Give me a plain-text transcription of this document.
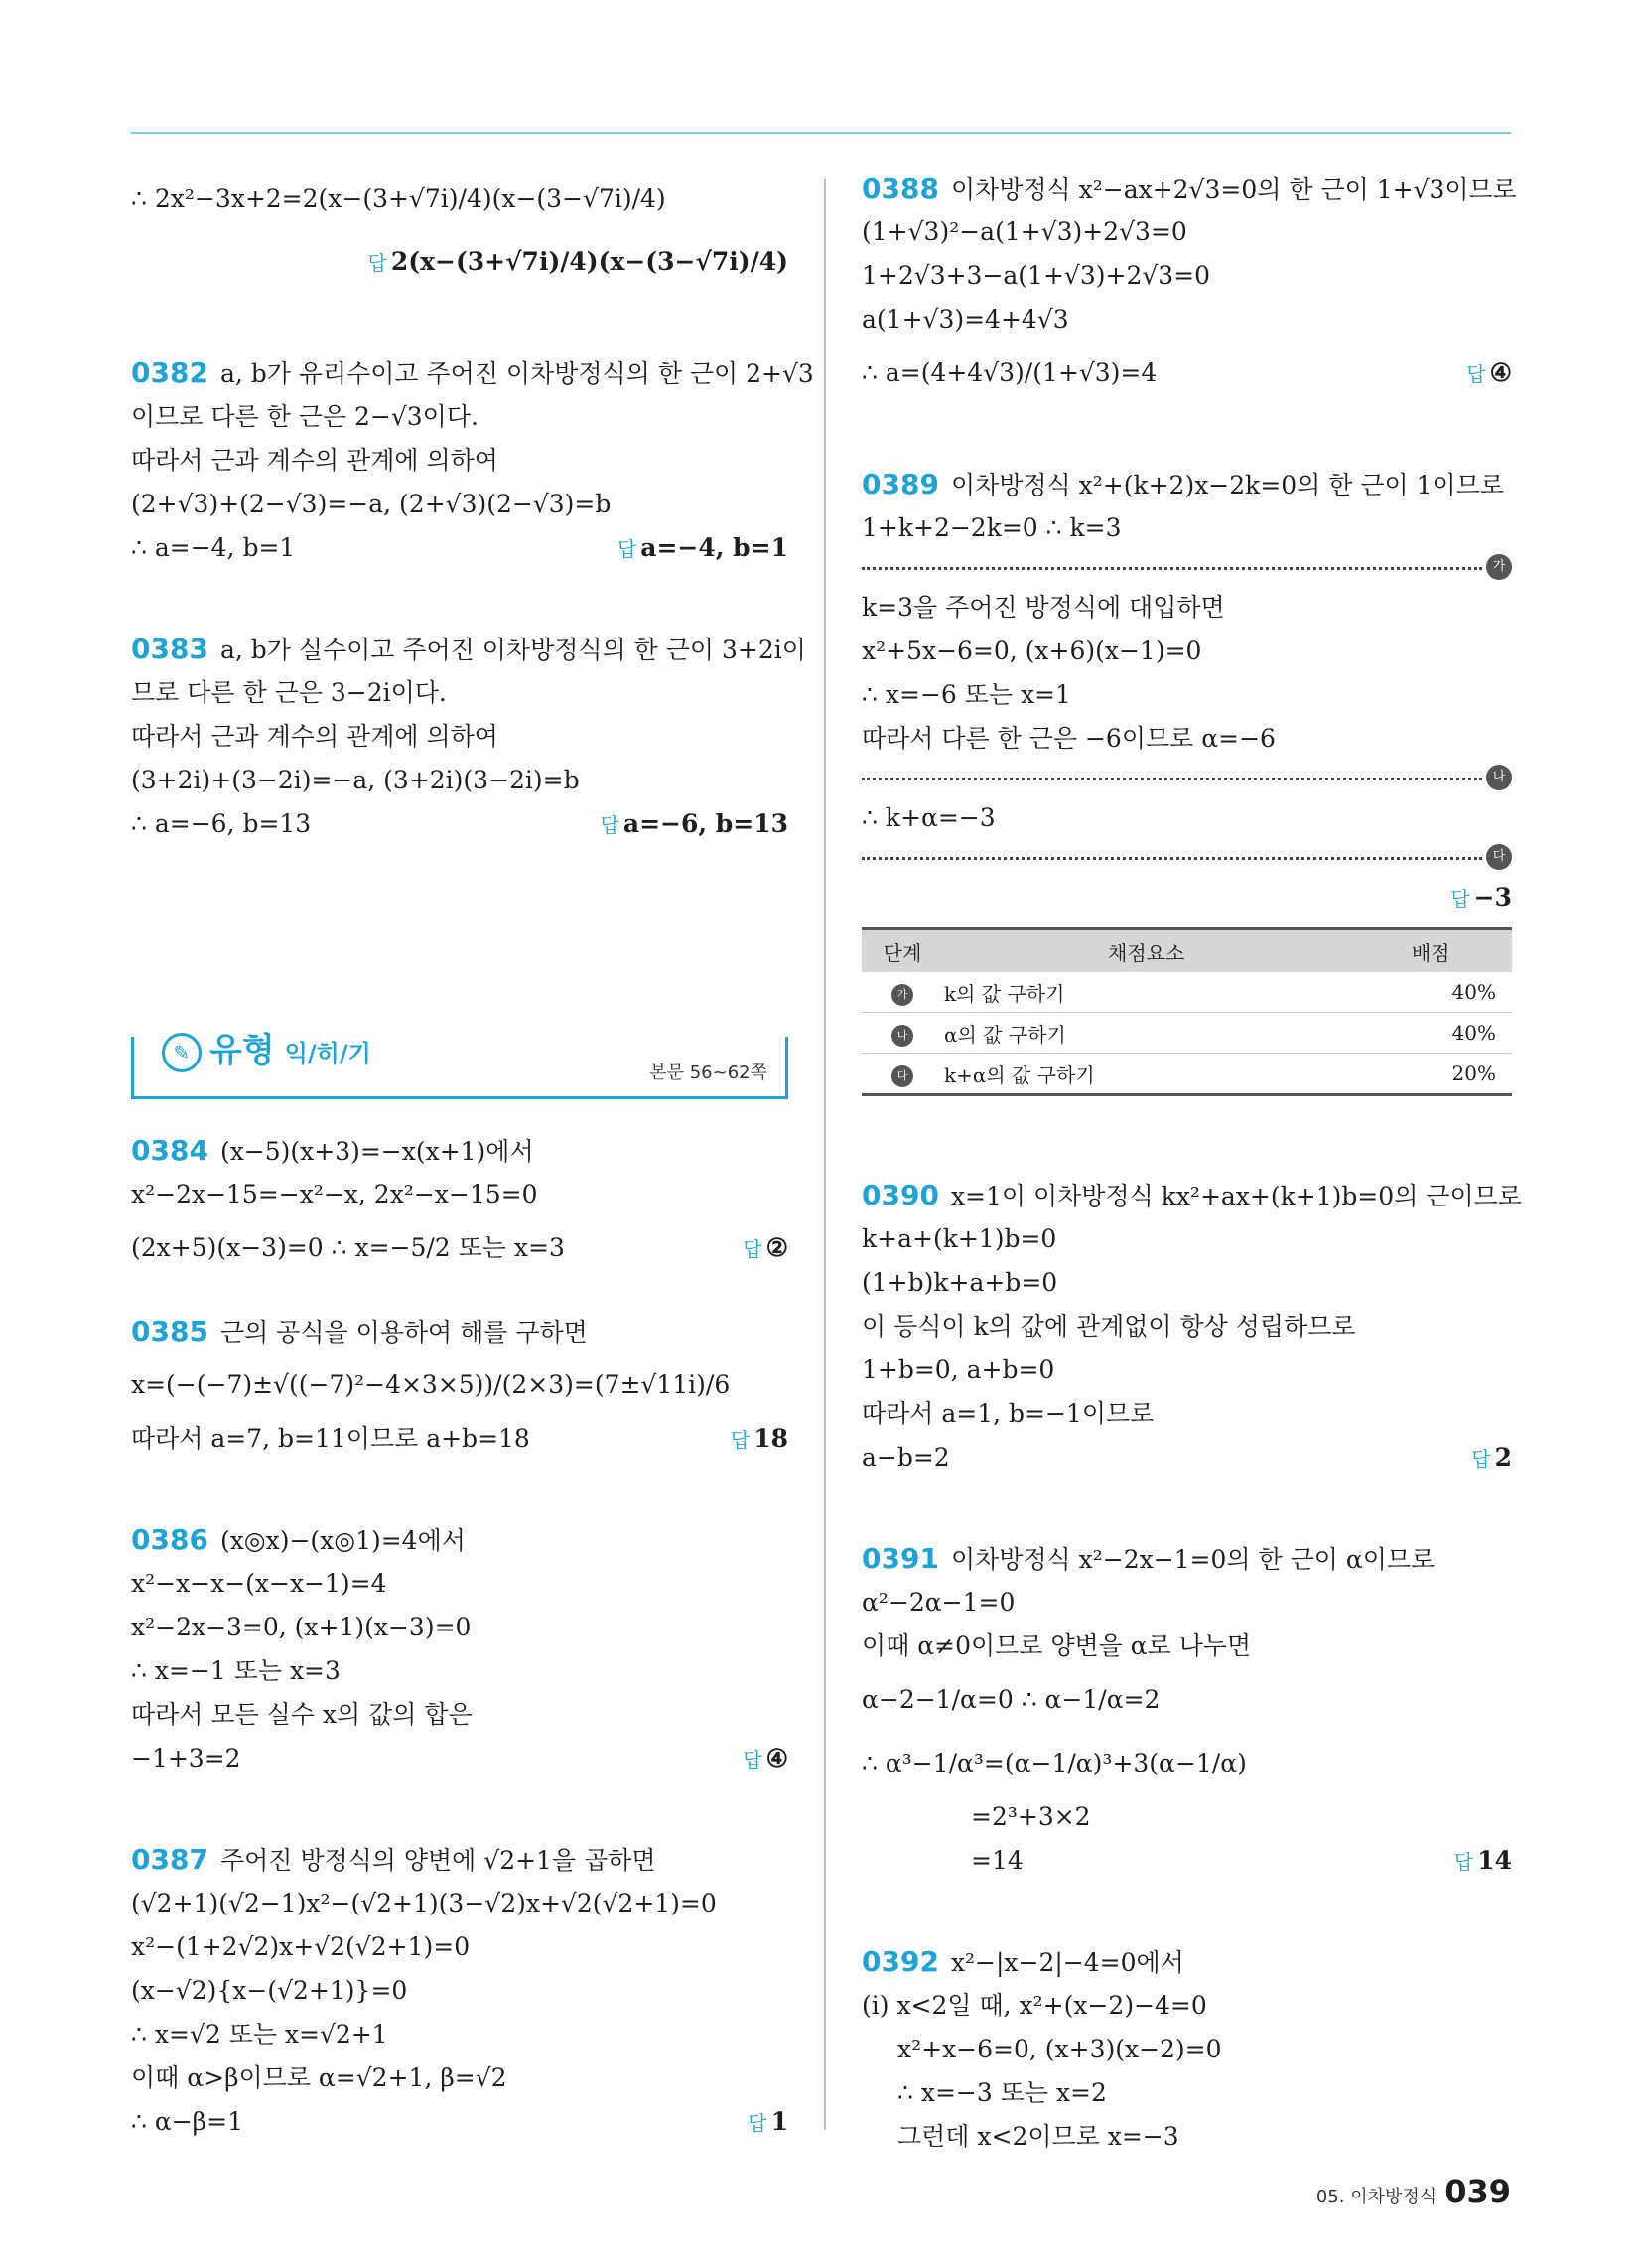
∴ 2x²−3x+2=2(x−(3+√7i)/4)(x−(3−√7i)/4)
답 2(x−(3+√7i)/4)(x−(3−√7i)/4)
0382 a, b가 유리수이고 주어진 이차방정식의 한 근이 2+√3
이므로 다른 한 근은 2−√3이다.
따라서 근과 계수의 관계에 의하여
(2+√3)+(2−√3)=−a, (2+√3)(2−√3)=b
∴ a=−4, b=1	답 a=−4, b=1
0383 a, b가 실수이고 주어진 이차방정식의 한 근이 3+2i이
므로 다른 한 근은 3−2i이다.
따라서 근과 계수의 관계에 의하여
(3+2i)+(3−2i)=−a, (3+2i)(3−2i)=b
∴ a=−6, b=13	답 a=−6, b=13
✎ 유형 익/히/기
본문 56~62쪽
0384 (x−5)(x+3)=−x(x+1)에서
x²−2x−15=−x²−x, 2x²−x−15=0
(2x+5)(x−3)=0 ∴ x=−5/2 또는 x=3	답 ②
0385 근의 공식을 이용하여 해를 구하면
x=(−(−7)±√((−7)²−4×3×5))/(2×3)=(7±√11i)/6
따라서 a=7, b=11이므로 a+b=18	답 18
0386 (x◎x)−(x◎1)=4에서
x²−x−x−(x−x−1)=4
x²−2x−3=0, (x+1)(x−3)=0
∴ x=−1 또는 x=3
따라서 모든 실수 x의 값의 합은
−1+3=2	답 ④
0387 주어진 방정식의 양변에 √2+1을 곱하면
(√2+1)(√2−1)x²−(√2+1)(3−√2)x+√2(√2+1)=0
x²−(1+2√2)x+√2(√2+1)=0
(x−√2){x−(√2+1)}=0
∴ x=√2 또는 x=√2+1
이때 α>β이므로 α=√2+1, β=√2
∴ α−β=1	답 1
0388 이차방정식 x²−ax+2√3=0의 한 근이 1+√3이므로
(1+√3)²−a(1+√3)+2√3=0
1+2√3+3−a(1+√3)+2√3=0
a(1+√3)=4+4√3
∴ a=(4+4√3)/(1+√3)=4	답 ④
0389 이차방정식 x²+(k+2)x−2k=0의 한 근이 1이므로
1+k+2−2k=0 ∴ k=3
가
k=3을 주어진 방정식에 대입하면
x²+5x−6=0, (x+6)(x−1)=0
∴ x=−6 또는 x=1
따라서 다른 한 근은 −6이므로 α=−6
나
∴ k+α=−3
다
답 −3
단계	채점요소	배점
가	k의 값 구하기	40%
나	α의 값 구하기	40%
다	k+α의 값 구하기	20%
0390 x=1이 이차방정식 kx²+ax+(k+1)b=0의 근이므로
k+a+(k+1)b=0
(1+b)k+a+b=0
이 등식이 k의 값에 관계없이 항상 성립하므로
1+b=0, a+b=0
따라서 a=1, b=−1이므로
a−b=2	답 2
0391 이차방정식 x²−2x−1=0의 한 근이 α이므로
α²−2α−1=0
이때 α≠0이므로 양변을 α로 나누면
α−2−1/α=0 ∴ α−1/α=2
∴ α³−1/α³=(α−1/α)³+3(α−1/α)
=2³+3×2
=14	답 14
0392 x²−|x−2|−4=0에서
(i) x<2일 때, x²+(x−2)−4=0
x²+x−6=0, (x+3)(x−2)=0
∴ x=−3 또는 x=2
그런데 x<2이므로 x=−3
05. 이차방정식 039
